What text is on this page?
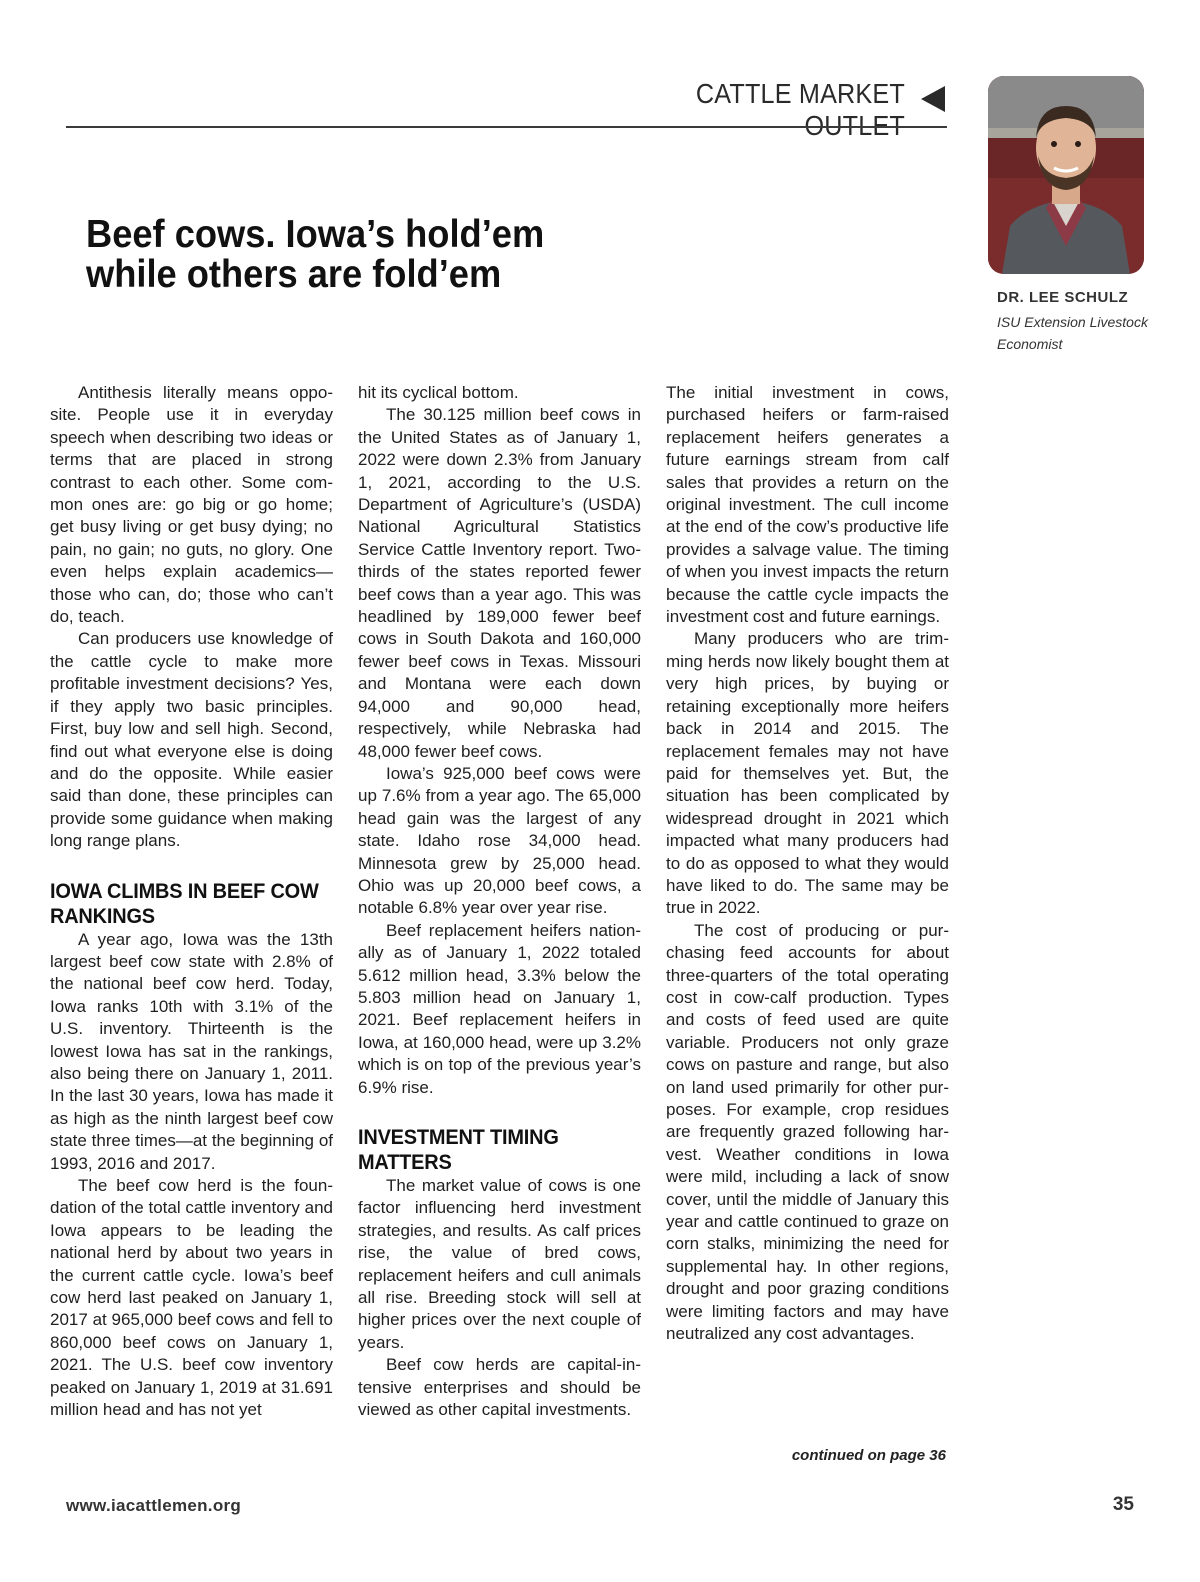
CATTLE MARKET OUTLET
DR. LEE SCHULZ
ISU Extension Livestock Economist
Beef cows. Iowa’s hold’em while others are fold’em

Antithesis literally means opposite. People use it in everyday speech when describing two ideas or terms that are placed in strong contrast to each other. Some common ones are: go big or go home; get busy living or get busy dying; no pain, no gain; no guts, no glory. One even helps explain academics—those who can, do; those who can’t do, teach.

Can producers use knowledge of the cattle cycle to make more profitable investment decisions? Yes, if they apply two basic principles. First, buy low and sell high. Second, find out what everyone else is doing and do the opposite. While easier said than done, these principles can provide some guidance when making long range plans.

IOWA CLIMBS IN BEEF COW RANKINGS

A year ago, Iowa was the 13th largest beef cow state with 2.8% of the national beef cow herd. Today, Iowa ranks 10th with 3.1% of the U.S. inventory. Thirteenth is the lowest Iowa has sat in the rankings, also being there on January 1, 2011. In the last 30 years, Iowa has made it as high as the ninth largest beef cow state three times—at the beginning of 1993, 2016 and 2017.

The beef cow herd is the foundation of the total cattle inventory and Iowa appears to be leading the national herd by about two years in the current cattle cycle. Iowa’s beef cow herd last peaked on January 1, 2017 at 965,000 beef cows and fell to 860,000 beef cows on January 1, 2021. The U.S. beef cow inventory peaked on January 1, 2019 at 31.691 million head and has not yet

hit its cyclical bottom.

The 30.125 million beef cows in the United States as of January 1, 2022 were down 2.3% from January 1, 2021, according to the U.S. Department of Agriculture’s (USDA) National Agricultural Statistics Service Cattle Inventory report. Two-thirds of the states reported fewer beef cows than a year ago. This was headlined by 189,000 fewer beef cows in South Dakota and 160,000 fewer beef cows in Texas. Missouri and Montana were each down 94,000 and 90,000 head, respectively, while Nebraska had 48,000 fewer beef cows.

Iowa’s 925,000 beef cows were up 7.6% from a year ago. The 65,000 head gain was the largest of any state. Idaho rose 34,000 head. Minnesota grew by 25,000 head. Ohio was up 20,000 beef cows, a notable 6.8% year over year rise.

Beef replacement heifers nationally as of January 1, 2022 totaled 5.612 million head, 3.3% below the 5.803 million head on January 1, 2021. Beef replacement heifers in Iowa, at 160,000 head, were up 3.2% which is on top of the previous year’s 6.9% rise.

INVESTMENT TIMING MATTERS

The market value of cows is one factor influencing herd investment strategies, and results. As calf prices rise, the value of bred cows, replacement heifers and cull animals all rise. Breeding stock will sell at higher prices over the next couple of years.

Beef cow herds are capital-intensive enterprises and should be viewed as other capital investments.

The initial investment in cows, purchased heifers or farm-raised replacement heifers generates a future earnings stream from calf sales that provides a return on the original investment. The cull income at the end of the cow’s productive life provides a salvage value. The timing of when you invest impacts the return because the cattle cycle impacts the investment cost and future earnings.

Many producers who are trimming herds now likely bought them at very high prices, by buying or retaining exceptionally more heifers back in 2014 and 2015. The replacement females may not have paid for themselves yet. But, the situation has been complicated by widespread drought in 2021 which impacted what many producers had to do as opposed to what they would have liked to do. The same may be true in 2022.

The cost of producing or purchasing feed accounts for about three-quarters of the total operating cost in cow-calf production. Types and costs of feed used are quite variable. Producers not only graze cows on pasture and range, but also on land used primarily for other purposes. For example, crop residues are frequently grazed following harvest. Weather conditions in Iowa were mild, including a lack of snow cover, until the middle of January this year and cattle continued to graze on corn stalks, minimizing the need for supplemental hay. In other regions, drought and poor grazing conditions were limiting factors and may have neutralized any cost advantages.

continued on page 36
www.iacattlemen.org	35
